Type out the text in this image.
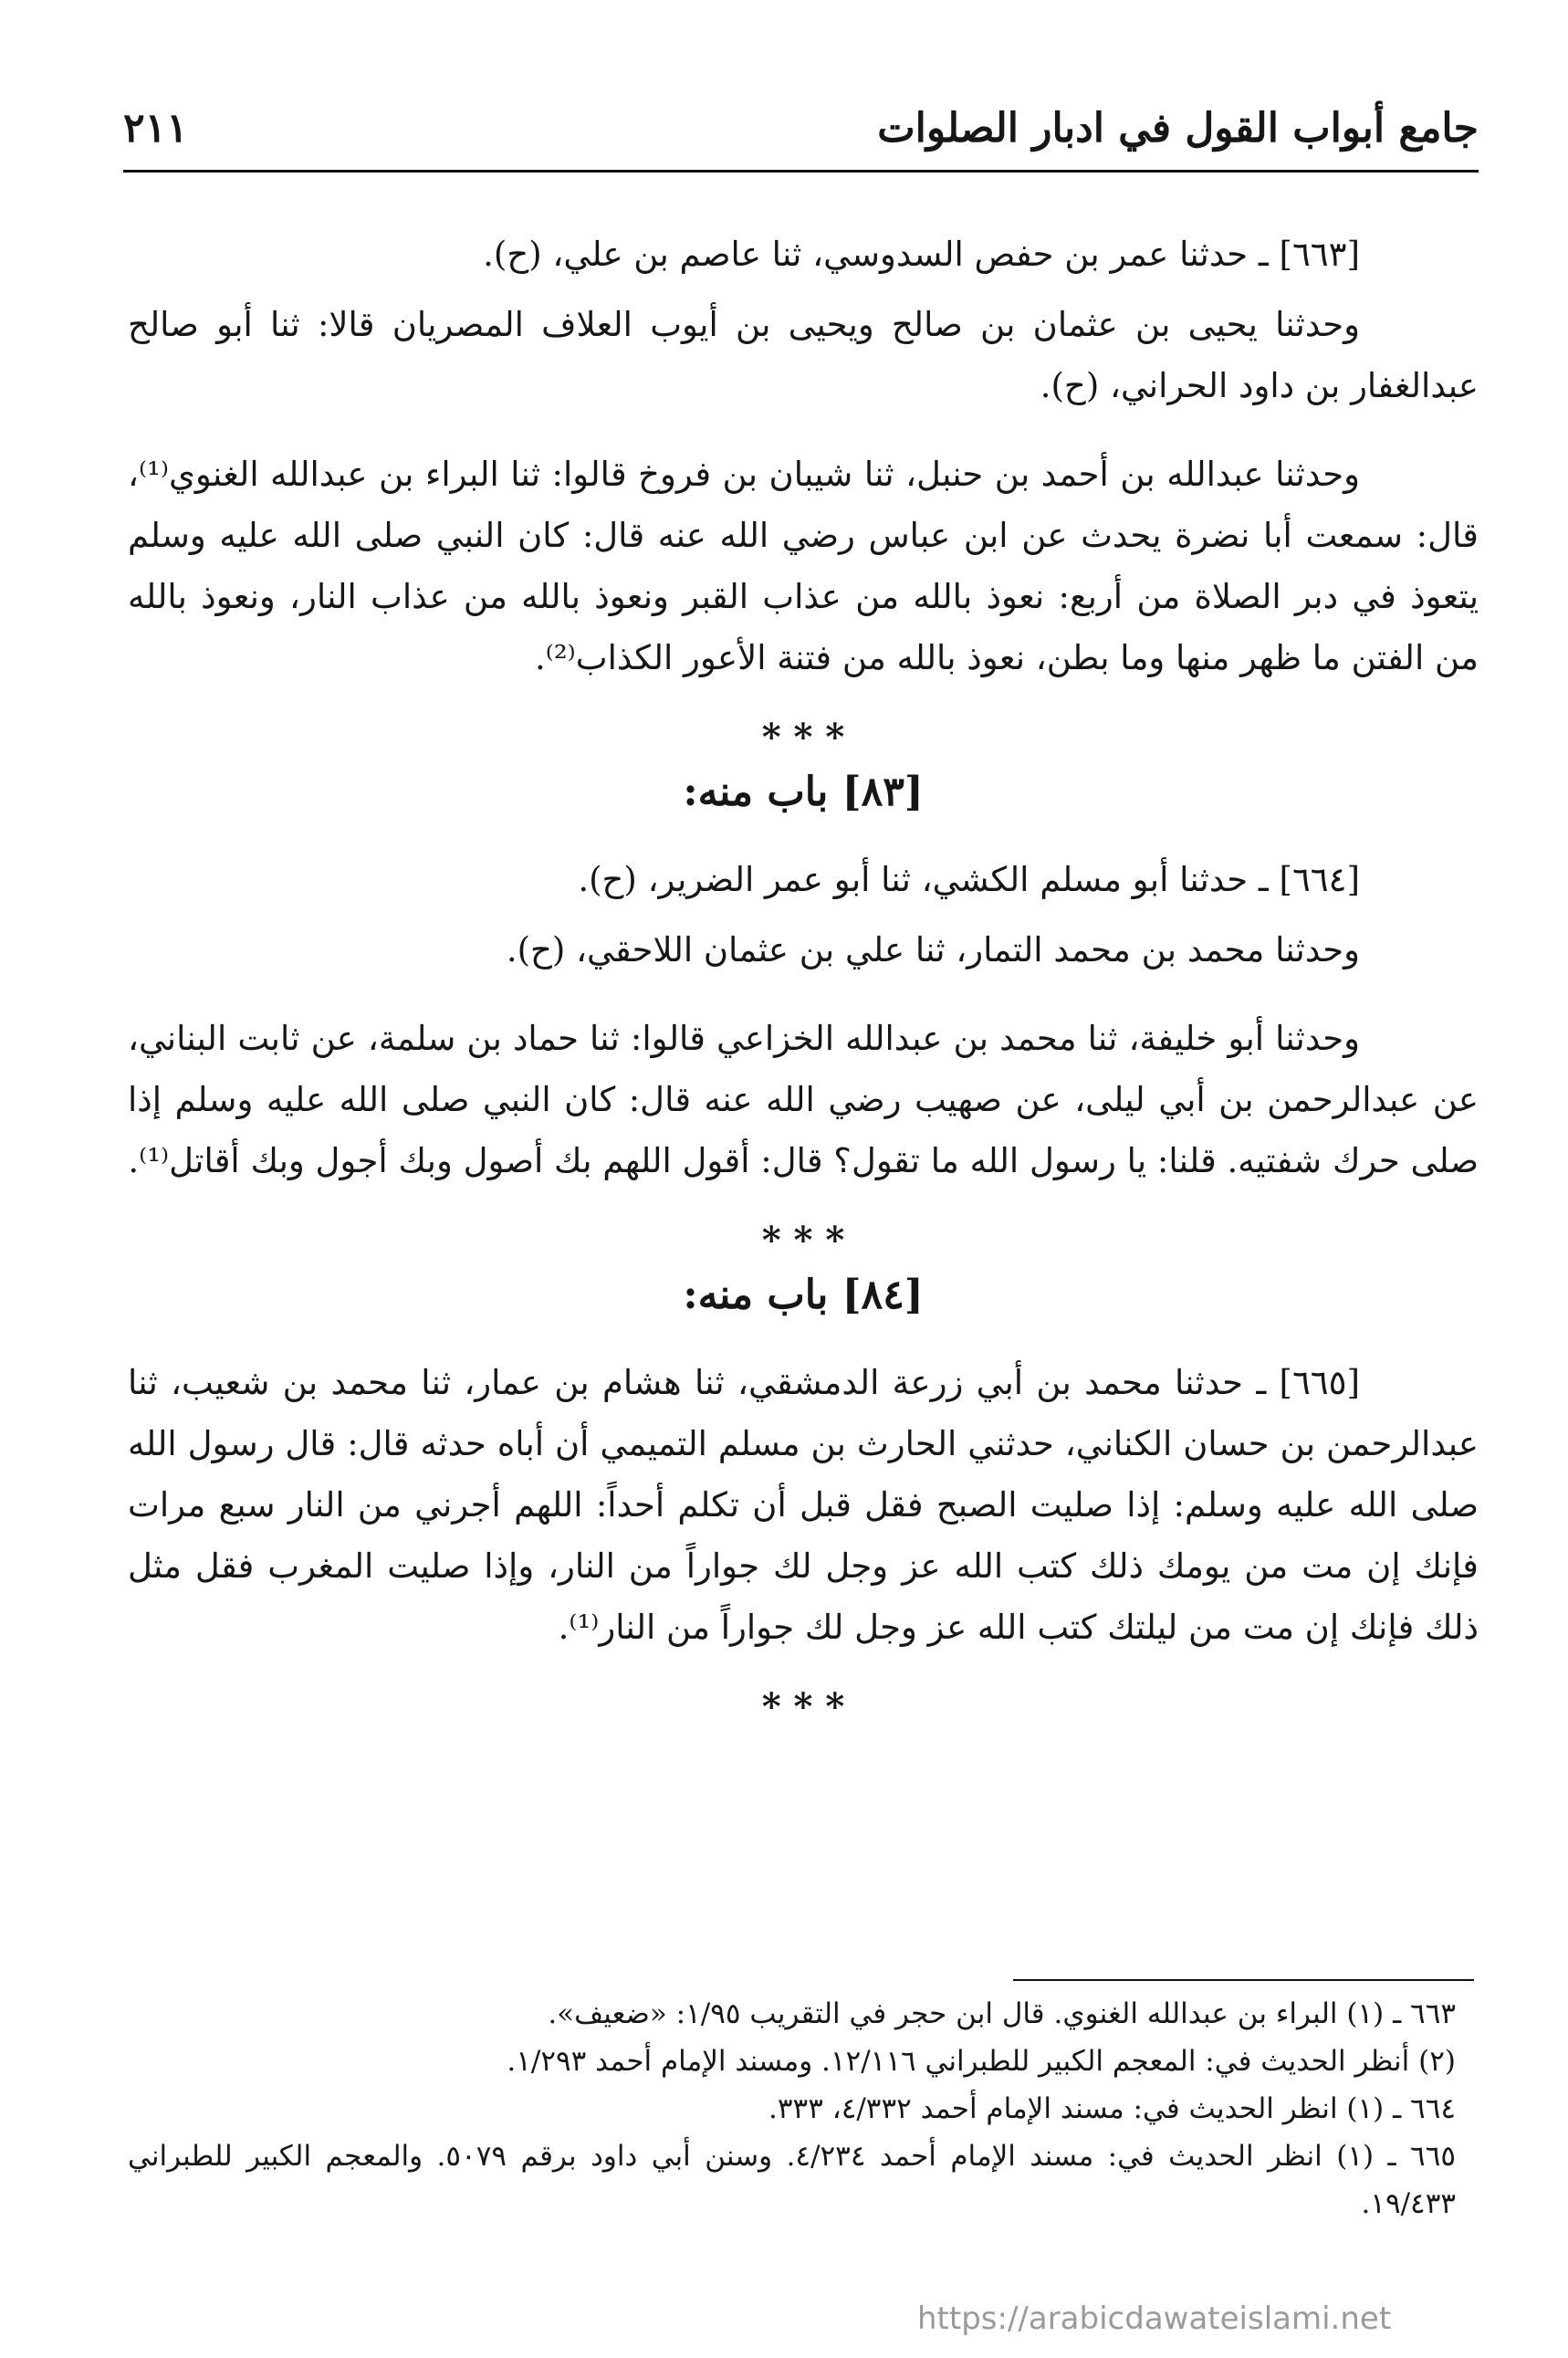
جامع أبواب القول في ادبار الصلوات
٢١١

[٦٦٣] ـ حدثنا عمر بن حفص السدوسي، ثنا عاصم بن علي، (ح).

وحدثنا يحيى بن عثمان بن صالح ويحيى بن أيوب العلاف المصريان قالا: ثنا أبو صالح عبدالغفار بن داود الحراني، (ح).

وحدثنا عبدالله بن أحمد بن حنبل، ثنا شيبان بن فروخ قالوا: ثنا البراء بن عبدالله الغنوي⁽¹⁾، قال: سمعت أبا نضرة يحدث عن ابن عباس رضي الله عنه قال: كان النبي صلى الله عليه وسلم يتعوذ في دبر الصلاة من أربع: نعوذ بالله من عذاب القبر ونعوذ بالله من عذاب النار، ونعوذ بالله من الفتن ما ظهر منها وما بطن، نعوذ بالله من فتنة الأعور الكذاب⁽²⁾.

* * *
[٨٣] باب منه:

[٦٦٤] ـ حدثنا أبو مسلم الكشي، ثنا أبو عمر الضرير، (ح).

وحدثنا محمد بن محمد التمار، ثنا علي بن عثمان اللاحقي، (ح).

وحدثنا أبو خليفة، ثنا محمد بن عبدالله الخزاعي قالوا: ثنا حماد بن سلمة، عن ثابت البناني، عن عبدالرحمن بن أبي ليلى، عن صهيب رضي الله عنه قال: كان النبي صلى الله عليه وسلم إذا صلى حرك شفتيه. قلنا: يا رسول الله ما تقول؟ قال: أقول اللهم بك أصول وبك أجول وبك أقاتل⁽¹⁾.

* * *
[٨٤] باب منه:

[٦٦٥] ـ حدثنا محمد بن أبي زرعة الدمشقي، ثنا هشام بن عمار، ثنا محمد بن شعيب، ثنا عبدالرحمن بن حسان الكناني، حدثني الحارث بن مسلم التميمي أن أباه حدثه قال: قال رسول الله صلى الله عليه وسلم: إذا صليت الصبح فقل قبل أن تكلم أحداً: اللهم أجرني من النار سبع مرات فإنك إن مت من يومك ذلك كتب الله عز وجل لك جواراً من النار، وإذا صليت المغرب فقل مثل ذلك فإنك إن مت من ليلتك كتب الله عز وجل لك جواراً من النار⁽¹⁾.

* * *
٦٦٣ ـ (١) البراء بن عبدالله الغنوي. قال ابن حجر في التقريب ١/٩٥: «ضعيف».
(٢) أنظر الحديث في: المعجم الكبير للطبراني ١٢/١١٦. ومسند الإمام أحمد ١/٢٩٣.
٦٦٤ ـ (١) انظر الحديث في: مسند الإمام أحمد ٤/٣٣٢، ٣٣٣.
٦٦٥ ـ (١) انظر الحديث في: مسند الإمام أحمد ٤/٢٣٤. وسنن أبي داود برقم ٥٠٧٩. والمعجم الكبير للطبراني ١٩/٤٣٣.
https://arabicdawateislami.net
